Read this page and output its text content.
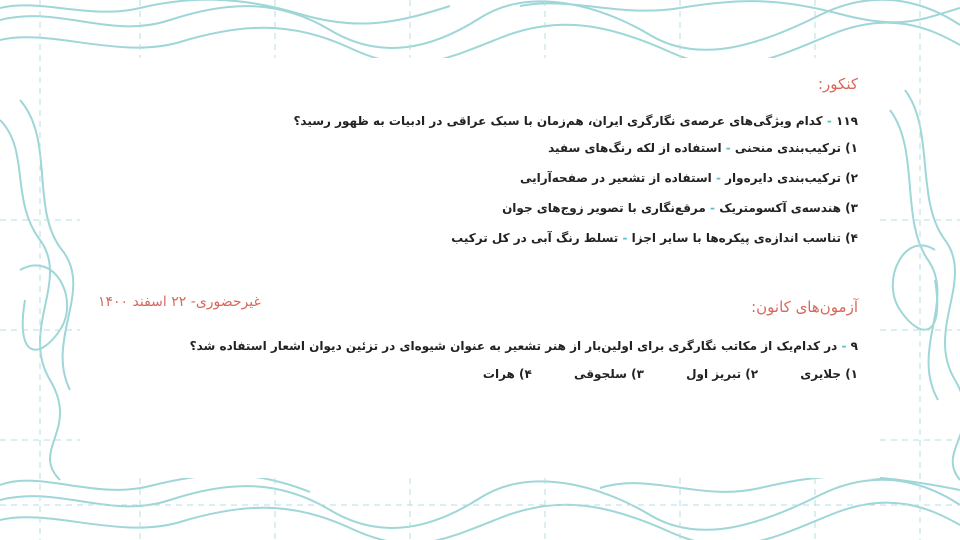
کنکور:
۱۱۹ - کدام ویژگی‌های عرصه‌ی نگارگری ایران، هم‌زمان با سبک عراقی در ادبیات به ظهور رسید؟
۱) ترکیب‌بندی منحنی - استفاده از لکه رنگ‌های سفید
۲) ترکیب‌بندی دایره‌وار - استفاده از تشعیر در صفحه‌آرایی
۳) هندسه‌ی آکسومتریک - مرقع‌نگاری با تصویر زوج‌های جوان
۴) تناسب اندازه‌ی پیکره‌ها با سایر اجزا - تسلط رنگ آبی در کل ترکیب
آزمون‌های کانون:
غیرحضوری- ۲۲ اسفند ۱۴۰۰
۹ - در کدام‌یک از مکاتب نگارگری برای اولین‌بار از هنر تشعیر به عنوان شیوه‌ای در تزئین دیوان اشعار استفاده شد؟
۱) جلایری ۲) تبریز اول ۳) سلجوقی ۴) هرات
